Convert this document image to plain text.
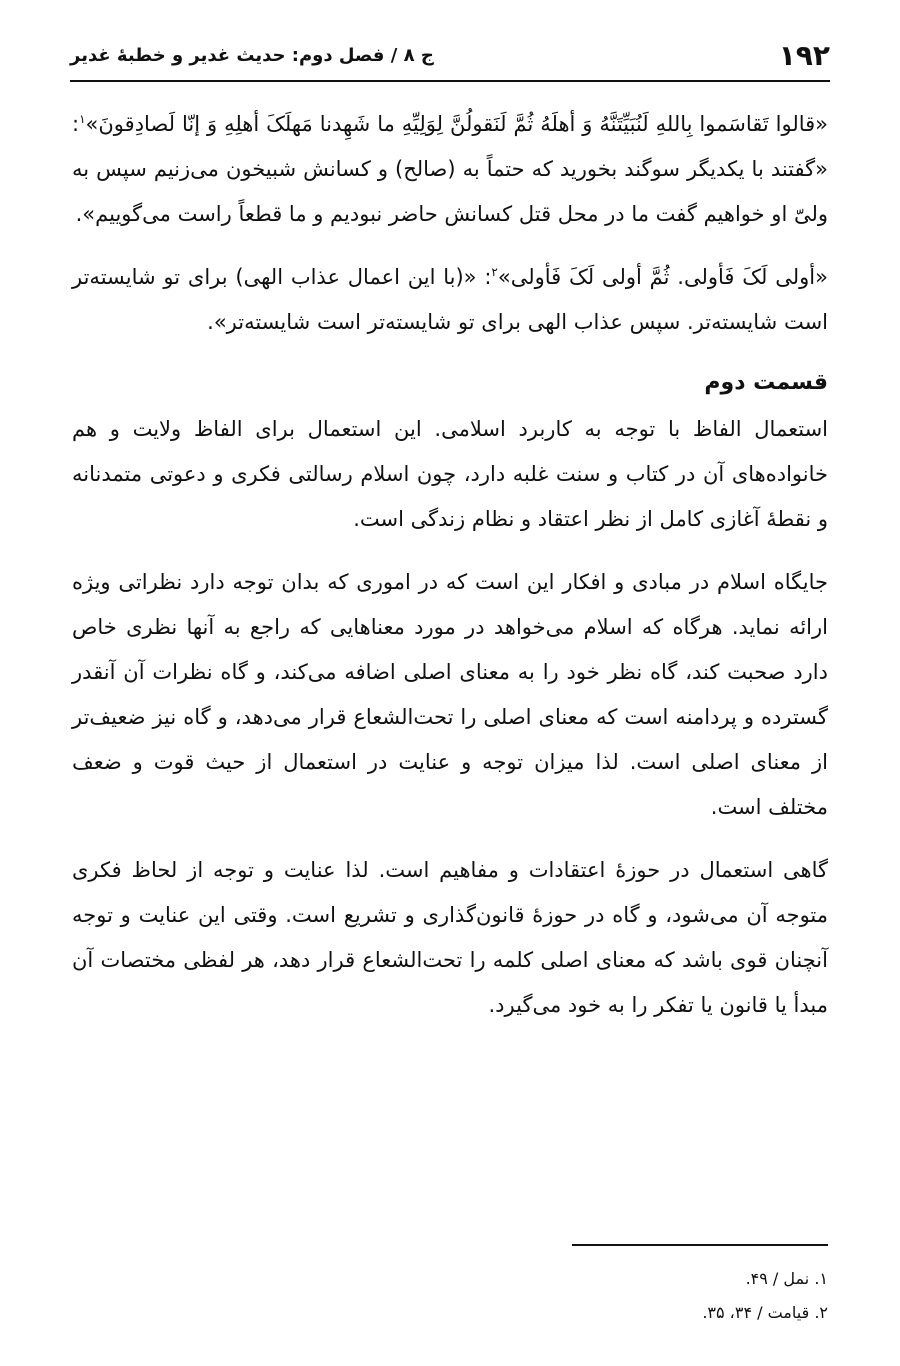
۱۹۲
ج ۸ / فصل دوم: حدیث غدیر و خطبهٔ غدیر

«قالوا تَقاسَموا بِاللهِ لَنُبَيِّتَنَّهُ وَ أهلَهُ ثُمَّ لَنَقولُنَّ لِوَلِيِّهِ ما شَهِدنا مَهلَکَ أهلِهِ وَ إنّا لَصادِقونَ»$^۱$: «گفتند با یکدیگر سوگند بخورید که حتماً به (صالح) و کسانش شبیخون می‌زنیم سپس به ولیّ او خواهیم گفت ما در محل قتل کسانش حاضر نبودیم و ما قطعاً راست می‌گوییم».

«أولی لَکَ فَأولی. ثُمَّ أولی لَکَ فَأولی»$^۲$: «(با این اعمال عذاب الهی) برای تو شایسته‌تر است شایسته‌تر. سپس عذاب الهی برای تو شایسته‌تر است شایسته‌تر».

قسمت دوم

استعمال الفاظ با توجه به کاربرد اسلامی. این استعمال برای الفاظ ولایت و هم خانواده‌های آن در کتاب و سنت غلبه دارد، چون اسلام رسالتی فکری و دعوتی متمدنانه و نقطهٔ آغازی کامل از نظر اعتقاد و نظام زندگی است.

جایگاه اسلام در مبادی و افکار این است که در اموری که بدان توجه دارد نظراتی ویژه ارائه نماید. هرگاه که اسلام می‌خواهد در مورد معناهایی که راجع به آنها نظری خاص دارد صحبت کند، گاه نظر خود را به معنای اصلی اضافه می‌کند، و گاه نظرات آن آنقدر گسترده و پردامنه است که معنای اصلی را تحت‌الشعاع قرار می‌دهد، و گاه نیز ضعیف‌تر از معنای اصلی است. لذا میزان توجه و عنایت در استعمال از حیث قوت و ضعف مختلف است.

گاهی استعمال در حوزهٔ اعتقادات و مفاهیم است. لذا عنایت و توجه از لحاظ فکری متوجه آن می‌شود، و گاه در حوزهٔ قانون‌گذاری و تشریع است. وقتی این عنایت و توجه آنچنان قوی باشد که معنای اصلی کلمه را تحت‌الشعاع قرار دهد، هر لفظی مختصات آن مبدأ یا قانون یا تفکر را به خود می‌گیرد.

۱. نمل / ۴۹.
۲. قیامت / ۳۴، ۳۵.
